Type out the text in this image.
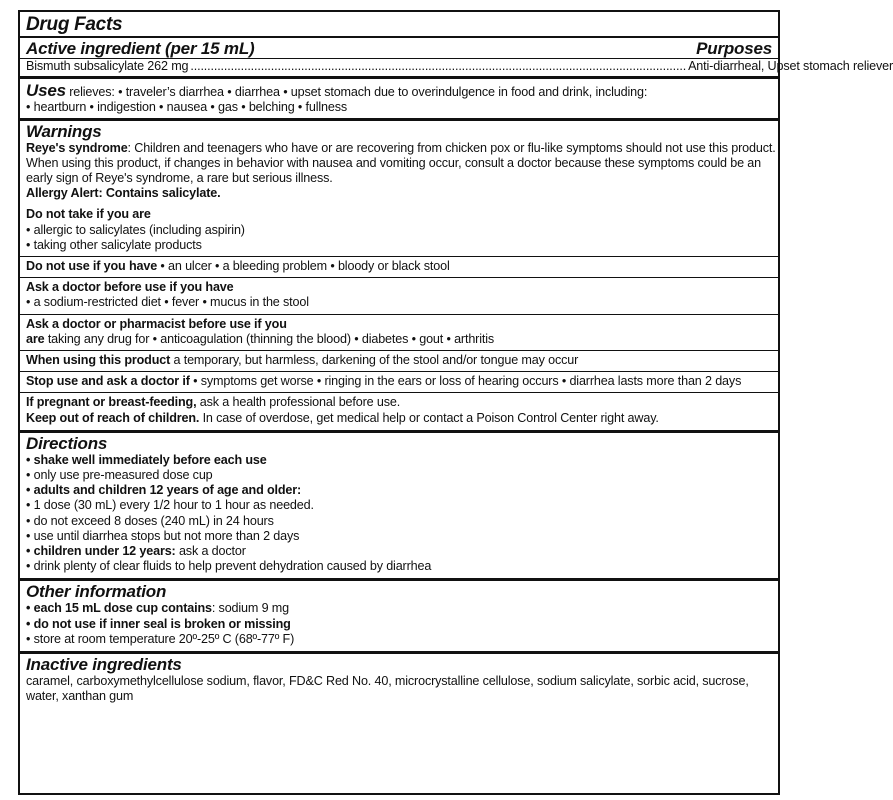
Drug Facts
Active ingredient (per 15 mL)	Purposes
Bismuth subsalicylate 262 mg .................................................................................................................................................... Anti-diarrheal, Upset stomach reliever
Uses relieves: • traveler’s diarrhea • diarrhea • upset stomach due to overindulgence in food and drink, including:
• heartburn • indigestion • nausea • gas • belching • fullness
Warnings
Reye's syndrome: Children and teenagers who have or are recovering from chicken pox or flu-like symptoms should not use this product.
When using this product, if changes in behavior with nausea and vomiting occur, consult a doctor because these symptoms could be an
early sign of Reye's syndrome, a rare but serious illness.
Allergy Alert: Contains salicylate.
Do not take if you are
• allergic to salicylates (including aspirin)
• taking other salicylate products
Do not use if you have • an ulcer • a bleeding problem • bloody or black stool
Ask a doctor before use if you have
• a sodium-restricted diet • fever • mucus in the stool
Ask a doctor or pharmacist before use if you
are taking any drug for • anticoagulation (thinning the blood) • diabetes • gout • arthritis
When using this product a temporary, but harmless, darkening of the stool and/or tongue may occur
Stop use and ask a doctor if • symptoms get worse • ringing in the ears or loss of hearing occurs • diarrhea lasts more than 2 days
If pregnant or breast-feeding, ask a health professional before use.
Keep out of reach of children. In case of overdose, get medical help or contact a Poison Control Center right away.
Directions
• shake well immediately before each use
• only use pre-measured dose cup
• adults and children 12 years of age and older:
• 1 dose (30 mL) every 1/2 hour to 1 hour as needed.
• do not exceed 8 doses (240 mL) in 24 hours
• use until diarrhea stops but not more than 2 days
• children under 12 years: ask a doctor
• drink plenty of clear fluids to help prevent dehydration caused by diarrhea
Other information
• each 15 mL dose cup contains: sodium 9 mg
• do not use if inner seal is broken or missing
• store at room temperature 20º-25º C (68º-77º F)
Inactive ingredients
caramel, carboxymethylcellulose sodium, flavor, FD&C Red No. 40, microcrystalline cellulose, sodium salicylate, sorbic acid, sucrose, water, xanthan gum
